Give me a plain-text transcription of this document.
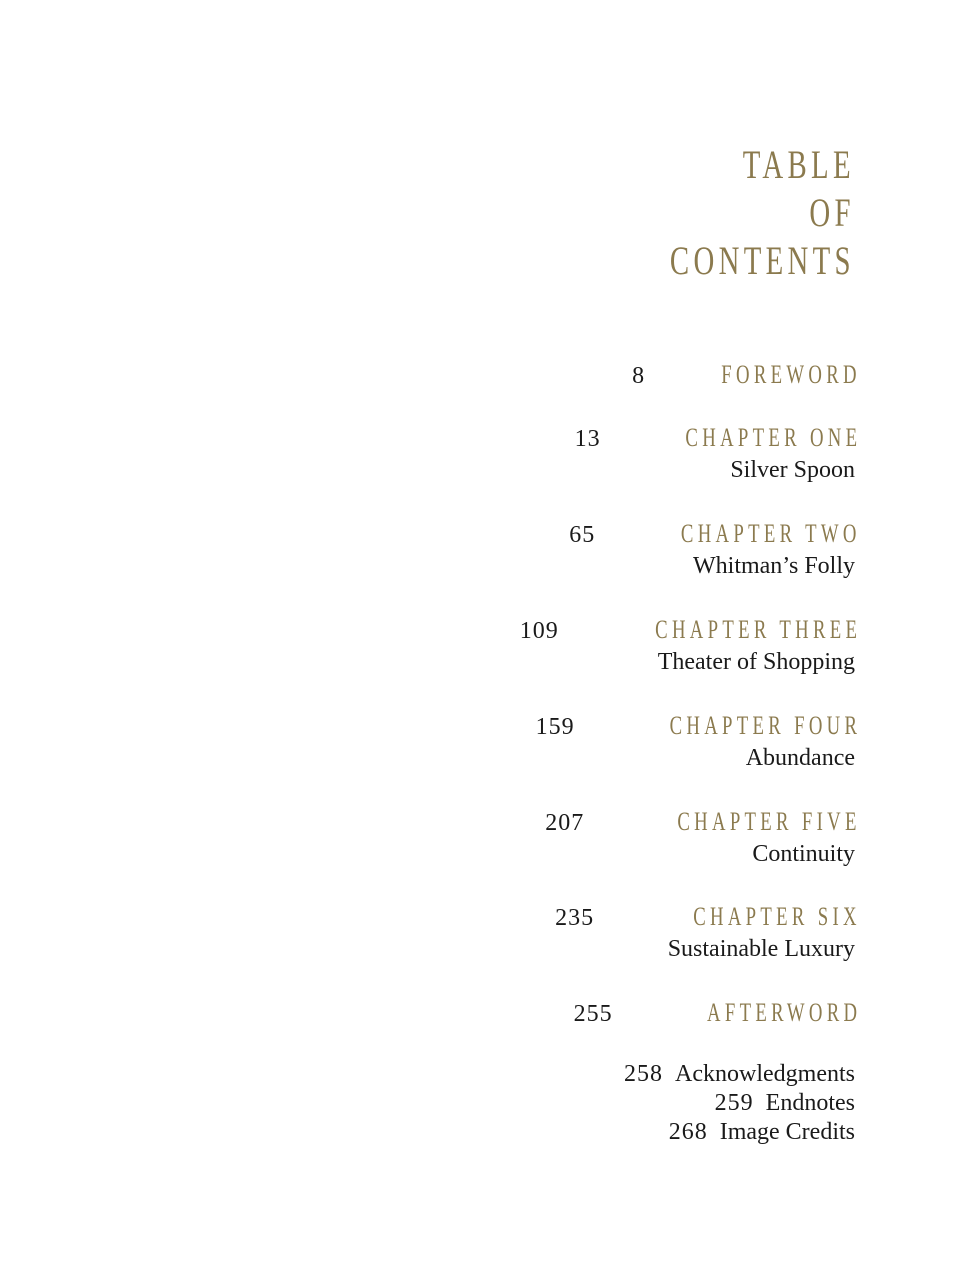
TABLE
OF
CONTENTS
8	FOREWORD
13	CHAPTER ONE
Silver Spoon
65	CHAPTER TWO
Whitman’s Folly
109	CHAPTER THREE
Theater of Shopping
159	CHAPTER FOUR
Abundance
207	CHAPTER FIVE
Continuity
235	CHAPTER SIX
Sustainable Luxury
255	AFTERWORD
258 Acknowledgments
259 Endnotes
268 Image Credits
